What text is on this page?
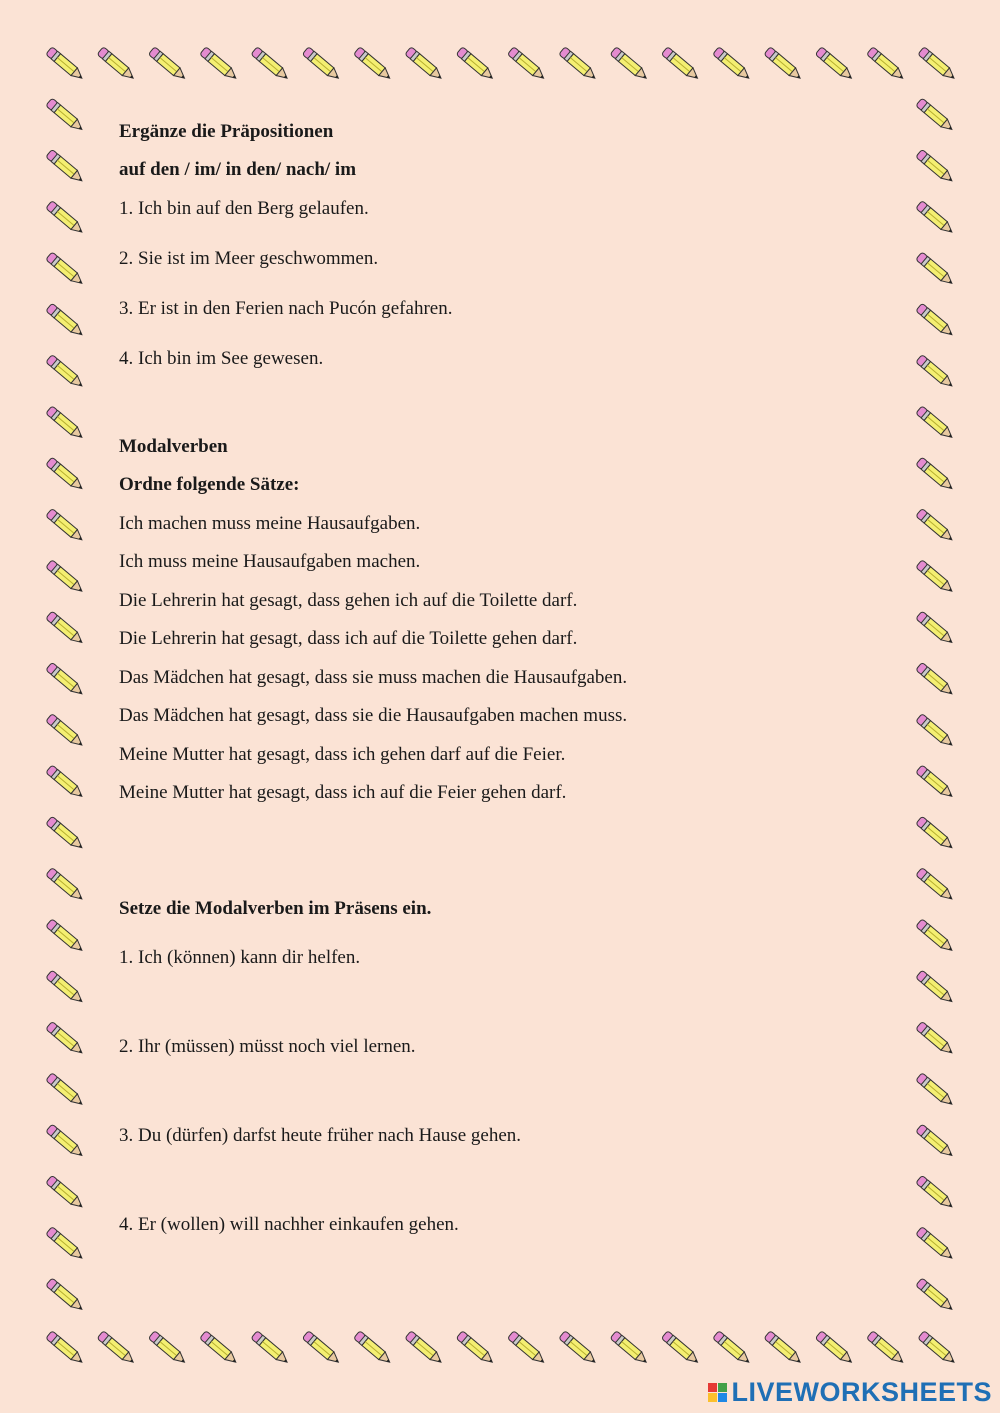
Ergänze die Präpositionen
auf den / im/ in den/ nach/ im
1. Ich bin auf den Berg gelaufen.
2. Sie ist im Meer geschwommen.
3. Er ist in den Ferien nach Pucón gefahren.
4. Ich bin im See gewesen.
Modalverben
Ordne folgende Sätze:
Ich machen muss meine Hausaufgaben.
Ich muss meine Hausaufgaben machen.
Die Lehrerin hat gesagt, dass gehen ich auf die Toilette darf.
Die Lehrerin hat gesagt, dass ich auf die Toilette gehen darf.
Das Mädchen hat gesagt, dass sie muss machen die Hausaufgaben.
Das Mädchen hat gesagt, dass sie die Hausaufgaben machen muss.
Meine Mutter hat gesagt, dass ich gehen darf auf die Feier.
Meine Mutter hat gesagt, dass ich auf die Feier gehen darf.
Setze die Modalverben im Präsens ein.
1. Ich (können) kann dir helfen.
2. Ihr (müssen) müsst noch viel lernen.
3. Du (dürfen) darfst heute früher nach Hause gehen.
4. Er (wollen) will nachher einkaufen gehen.
LIVEWORKSHEETS
